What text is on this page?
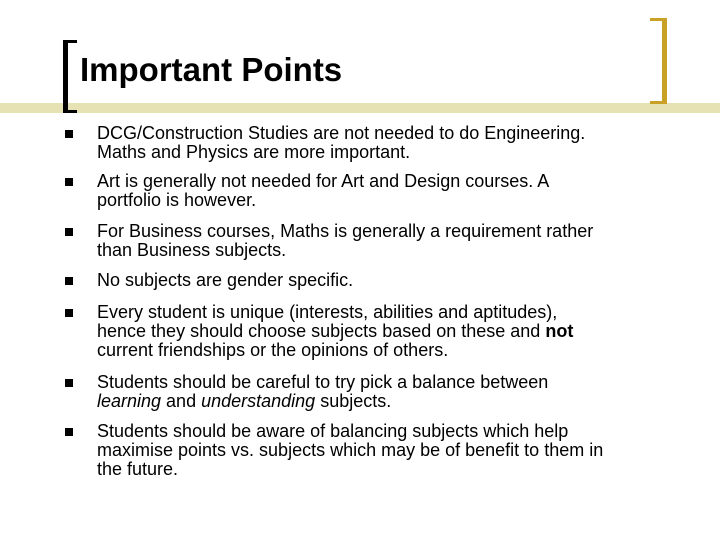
Important Points
DCG/Construction Studies are not needed to do Engineering.
Maths and Physics are more important.
Art is generally not needed for Art and Design courses. A
portfolio is however.
For Business courses, Maths is generally a requirement rather
than Business subjects.
No subjects are gender specific.
Every student is unique (interests, abilities and aptitudes),
hence they should choose subjects based on these and not
current friendships or the opinions of others.
Students should be careful to try pick a balance between
learning and understanding subjects.
Students should be aware of balancing subjects which help
maximise points vs. subjects which may be of benefit to them in
the future.
